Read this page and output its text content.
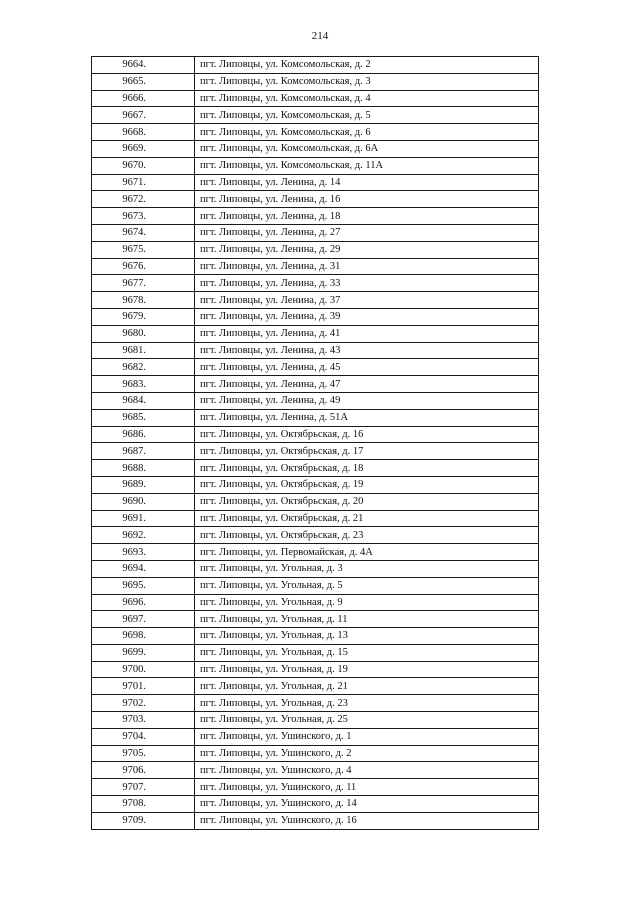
214
9664.	пгт. Липовцы, ул. Комсомольская, д. 2
9665.	пгт. Липовцы, ул. Комсомольская, д. 3
9666.	пгт. Липовцы, ул. Комсомольская, д. 4
9667.	пгт. Липовцы, ул. Комсомольская, д. 5
9668.	пгт. Липовцы, ул. Комсомольская, д. 6
9669.	пгт. Липовцы, ул. Комсомольская, д. 6А
9670.	пгт. Липовцы, ул. Комсомольская, д. 11А
9671.	пгт. Липовцы, ул. Ленина, д. 14
9672.	пгт. Липовцы, ул. Ленина, д. 16
9673.	пгт. Липовцы, ул. Ленина, д. 18
9674.	пгт. Липовцы, ул. Ленина, д. 27
9675.	пгт. Липовцы, ул. Ленина, д. 29
9676.	пгт. Липовцы, ул. Ленина, д. 31
9677.	пгт. Липовцы, ул. Ленина, д. 33
9678.	пгт. Липовцы, ул. Ленина, д. 37
9679.	пгт. Липовцы, ул. Ленина, д. 39
9680.	пгт. Липовцы, ул. Ленина, д. 41
9681.	пгт. Липовцы, ул. Ленина, д. 43
9682.	пгт. Липовцы, ул. Ленина, д. 45
9683.	пгт. Липовцы, ул. Ленина, д. 47
9684.	пгт. Липовцы, ул. Ленина, д. 49
9685.	пгт. Липовцы, ул. Ленина, д. 51А
9686.	пгт. Липовцы, ул. Октябрьская, д. 16
9687.	пгт. Липовцы, ул. Октябрьская, д. 17
9688.	пгт. Липовцы, ул. Октябрьская, д. 18
9689.	пгт. Липовцы, ул. Октябрьская, д. 19
9690.	пгт. Липовцы, ул. Октябрьская, д. 20
9691.	пгт. Липовцы, ул. Октябрьская, д. 21
9692.	пгт. Липовцы, ул. Октябрьская, д. 23
9693.	пгт. Липовцы, ул. Первомайская, д. 4А
9694.	пгт. Липовцы, ул. Угольная, д. 3
9695.	пгт. Липовцы, ул. Угольная, д. 5
9696.	пгт. Липовцы, ул. Угольная, д. 9
9697.	пгт. Липовцы, ул. Угольная, д. 11
9698.	пгт. Липовцы, ул. Угольная, д. 13
9699.	пгт. Липовцы, ул. Угольная, д. 15
9700.	пгт. Липовцы, ул. Угольная, д. 19
9701.	пгт. Липовцы, ул. Угольная, д. 21
9702.	пгт. Липовцы, ул. Угольная, д. 23
9703.	пгт. Липовцы, ул. Угольная, д. 25
9704.	пгт. Липовцы, ул. Ушинского, д. 1
9705.	пгт. Липовцы, ул. Ушинского, д. 2
9706.	пгт. Липовцы, ул. Ушинского, д. 4
9707.	пгт. Липовцы, ул. Ушинского, д. 11
9708.	пгт. Липовцы, ул. Ушинского, д. 14
9709.	пгт. Липовцы, ул. Ушинского, д. 16
